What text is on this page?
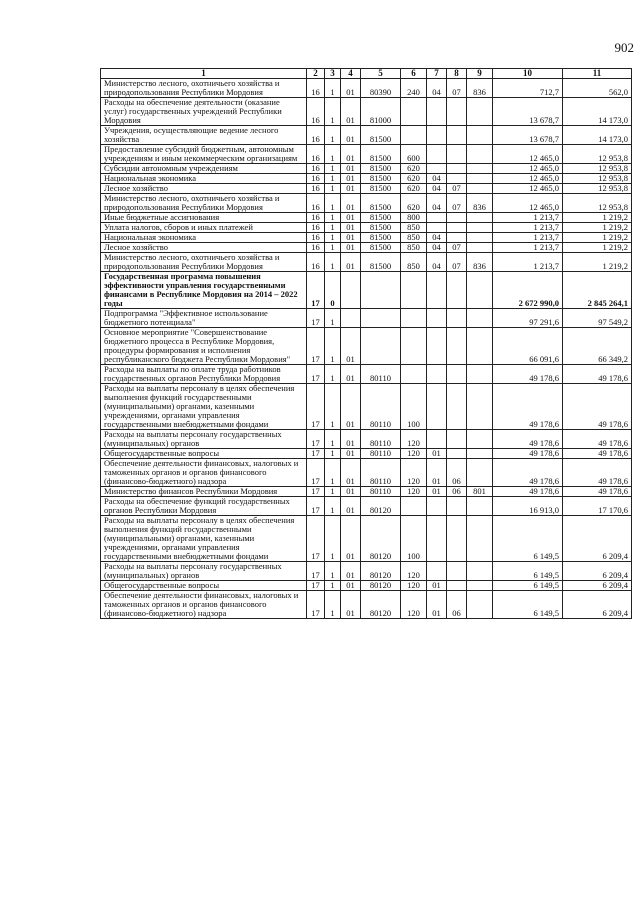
902
1	2	3	4	5	6	7	8	9	10	11
Министерство лесного, охотничьего хозяйства и природопользования Республики Мордовия	16	1	01	80390	240	04	07	836	712,7	562,0
Расходы на обеспечение деятельности (оказание услуг) государственных учреждений Республики Мордовия	16	1	01	81000					13 678,7	14 173,0
Учреждения, осуществляющие ведение лесного хозяйства	16	1	01	81500					13 678,7	14 173,0
Предоставление субсидий бюджетным, автономным учреждениям и иным некоммерческим организациям	16	1	01	81500	600				12 465,0	12 953,8
Субсидии автономным учреждениям	16	1	01	81500	620				12 465,0	12 953,8
Национальная экономика	16	1	01	81500	620	04			12 465,0	12 953,8
Лесное хозяйство	16	1	01	81500	620	04	07		12 465,0	12 953,8
Министерство лесного, охотничьего хозяйства и природопользования Республики Мордовия	16	1	01	81500	620	04	07	836	12 465,0	12 953,8
Иные бюджетные ассигнования	16	1	01	81500	800				1 213,7	1 219,2
Уплата налогов, сборов и иных платежей	16	1	01	81500	850				1 213,7	1 219,2
Национальная экономика	16	1	01	81500	850	04			1 213,7	1 219,2
Лесное хозяйство	16	1	01	81500	850	04	07		1 213,7	1 219,2
Министерство лесного, охотничьего хозяйства и природопользования Республики Мордовия	16	1	01	81500	850	04	07	836	1 213,7	1 219,2
Государственная программа повышения эффективности управления государственными финансами в Республике Мордовия на 2014 – 2022 годы	17	0							2 672 990,0	2 845 264,1
Подпрограмма "Эффективное использование бюджетного потенциала"	17	1							97 291,6	97 549,2
Основное мероприятие "Совершенствование бюджетного процесса в Республике Мордовия, процедуры формирования и исполнения республиканского бюджета Республики Мордовия"	17	1	01						66 091,6	66 349,2
Расходы на выплаты по оплате труда работников государственных органов Республики Мордовия	17	1	01	80110					49 178,6	49 178,6
Расходы на выплаты персоналу в целях обеспечения выполнения функций государственными (муниципальными) органами, казенными учреждениями, органами управления государственными внебюджетными фондами	17	1	01	80110	100				49 178,6	49 178,6
Расходы на выплаты персоналу государственных (муниципальных) органов	17	1	01	80110	120				49 178,6	49 178,6
Общегосударственные вопросы	17	1	01	80110	120	01			49 178,6	49 178,6
Обеспечение деятельности финансовых, налоговых и таможенных органов и органов финансового (финансово-бюджетного) надзора	17	1	01	80110	120	01	06		49 178,6	49 178,6
Министерство финансов Республики Мордовия	17	1	01	80110	120	01	06	801	49 178,6	49 178,6
Расходы на обеспечение функций государственных органов Республики Мордовия	17	1	01	80120					16 913,0	17 170,6
Расходы на выплаты персоналу в целях обеспечения выполнения функций государственными (муниципальными) органами, казенными учреждениями, органами управления государственными внебюджетными фондами	17	1	01	80120	100				6 149,5	6 209,4
Расходы на выплаты персоналу государственных (муниципальных) органов	17	1	01	80120	120				6 149,5	6 209,4
Общегосударственные вопросы	17	1	01	80120	120	01			6 149,5	6 209,4
Обеспечение деятельности финансовых, налоговых и таможенных органов и органов финансового (финансово-бюджетного) надзора	17	1	01	80120	120	01	06		6 149,5	6 209,4
